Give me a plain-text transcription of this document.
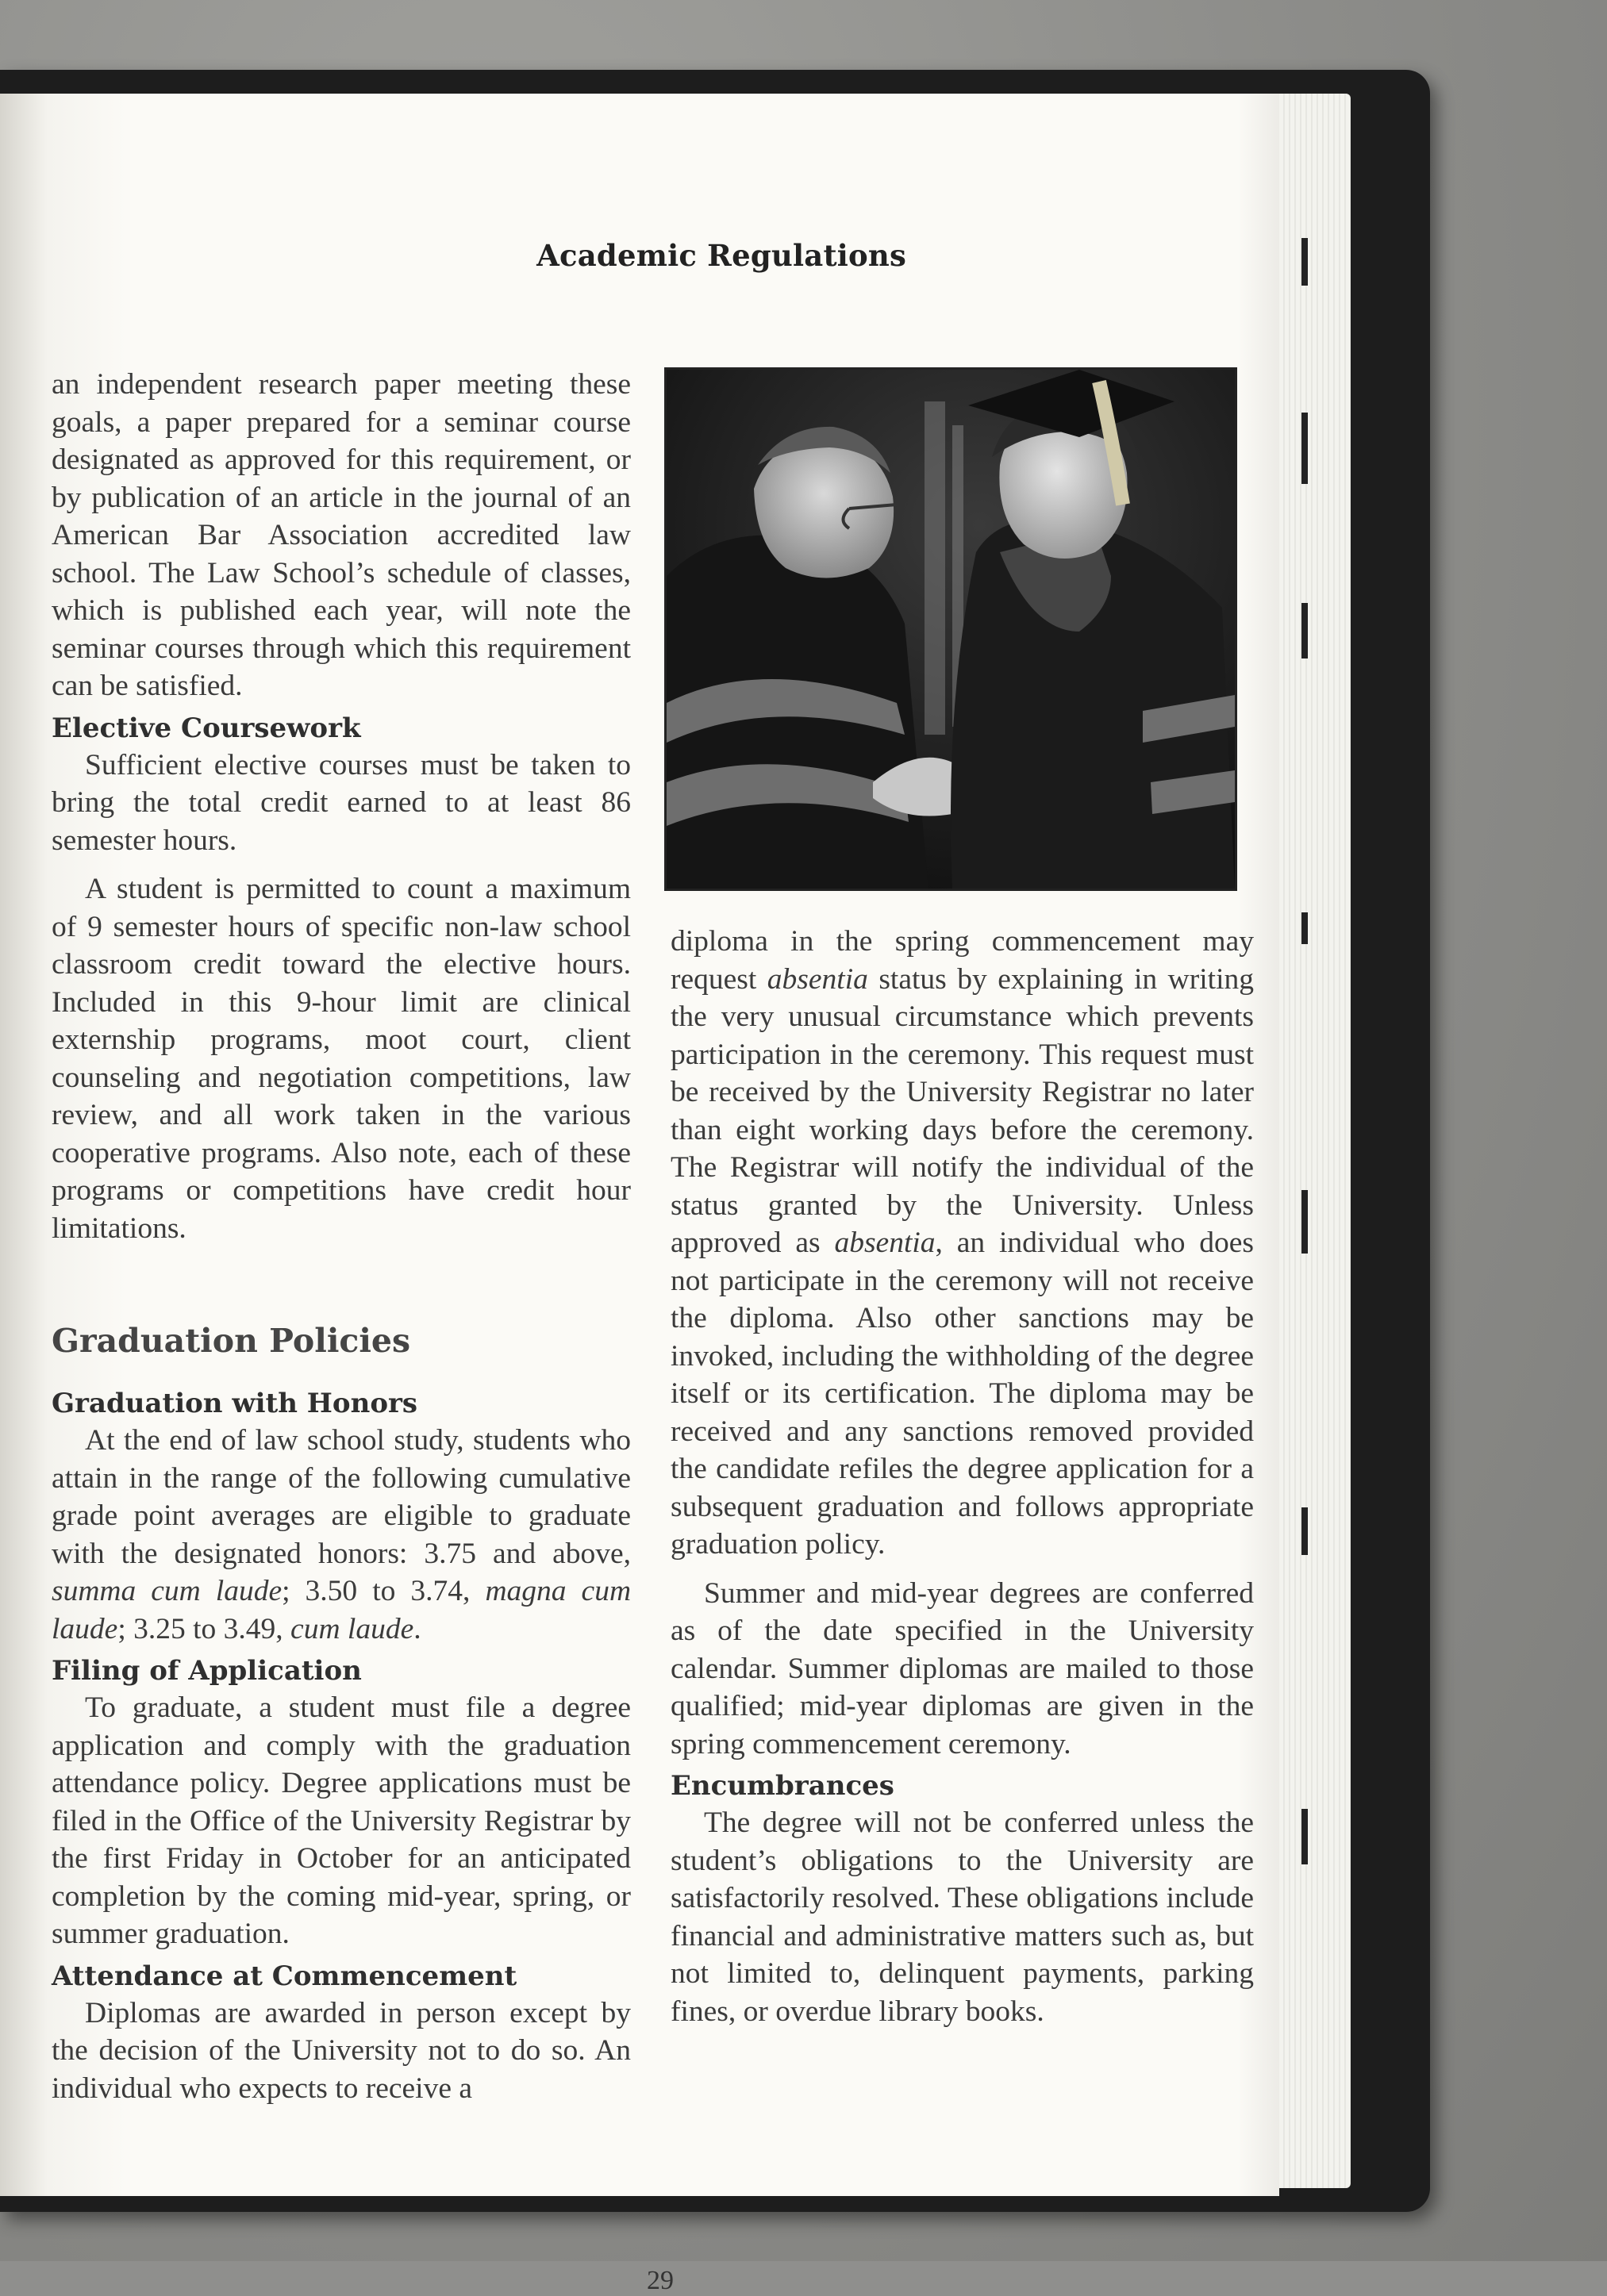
Academic Regulations

an independent research paper meeting these goals, a paper prepared for a seminar course designated as approved for this requirement, or by publication of an article in the journal of an American Bar Association accredited law school. The Law School’s schedule of classes, which is published each year, will note the seminar courses through which this requirement can be satisfied.

Elective Coursework

Sufficient elective courses must be taken to bring the total credit earned to at least 86 semester hours.

A student is permitted to count a maximum of 9 semester hours of specific non-law school classroom credit toward the elective hours. Included in this 9-hour limit are clinical externship programs, moot court, client counseling and negotiation competitions, law review, and all work taken in the various cooperative programs. Also note, each of these programs or competitions have credit hour limitations.

Graduation Policies
Graduation with Honors

At the end of law school study, students who attain in the range of the following cumulative grade point averages are eligible to graduate with the designated honors: 3.75 and above, summa cum laude; 3.50 to 3.74, magna cum laude; 3.25 to 3.49, cum laude.

Filing of Application

To graduate, a student must file a degree application and comply with the graduation attendance policy. Degree applications must be filed in the Office of the University Registrar by the first Friday in October for an anticipated completion by the coming mid-year, spring, or summer graduation.

Attendance at Commencement

Diplomas are awarded in person except by the decision of the University not to do so. An individual who expects to receive a

diploma in the spring commencement may request absentia status by explaining in writing the very unusual circumstance which prevents participation in the ceremony. This request must be received by the University Registrar no later than eight working days before the ceremony. The Registrar will notify the individual of the status granted by the University. Unless approved as absentia, an individual who does not participate in the ceremony will not receive the diploma. Also other sanctions may be invoked, including the withholding of the degree itself or its certification. The diploma may be received and any sanctions removed provided the candidate refiles the degree application for a subsequent graduation and follows appropriate graduation policy.

Summer and mid-year degrees are conferred as of the date specified in the University calendar. Summer diplomas are mailed to those qualified; mid-year diplomas are given in the spring commencement ceremony.

Encumbrances

The degree will not be conferred unless the student’s obligations to the University are satisfactorily resolved. These obligations include financial and administrative matters such as, but not limited to, delinquent payments, parking fines, or overdue library books.

29
